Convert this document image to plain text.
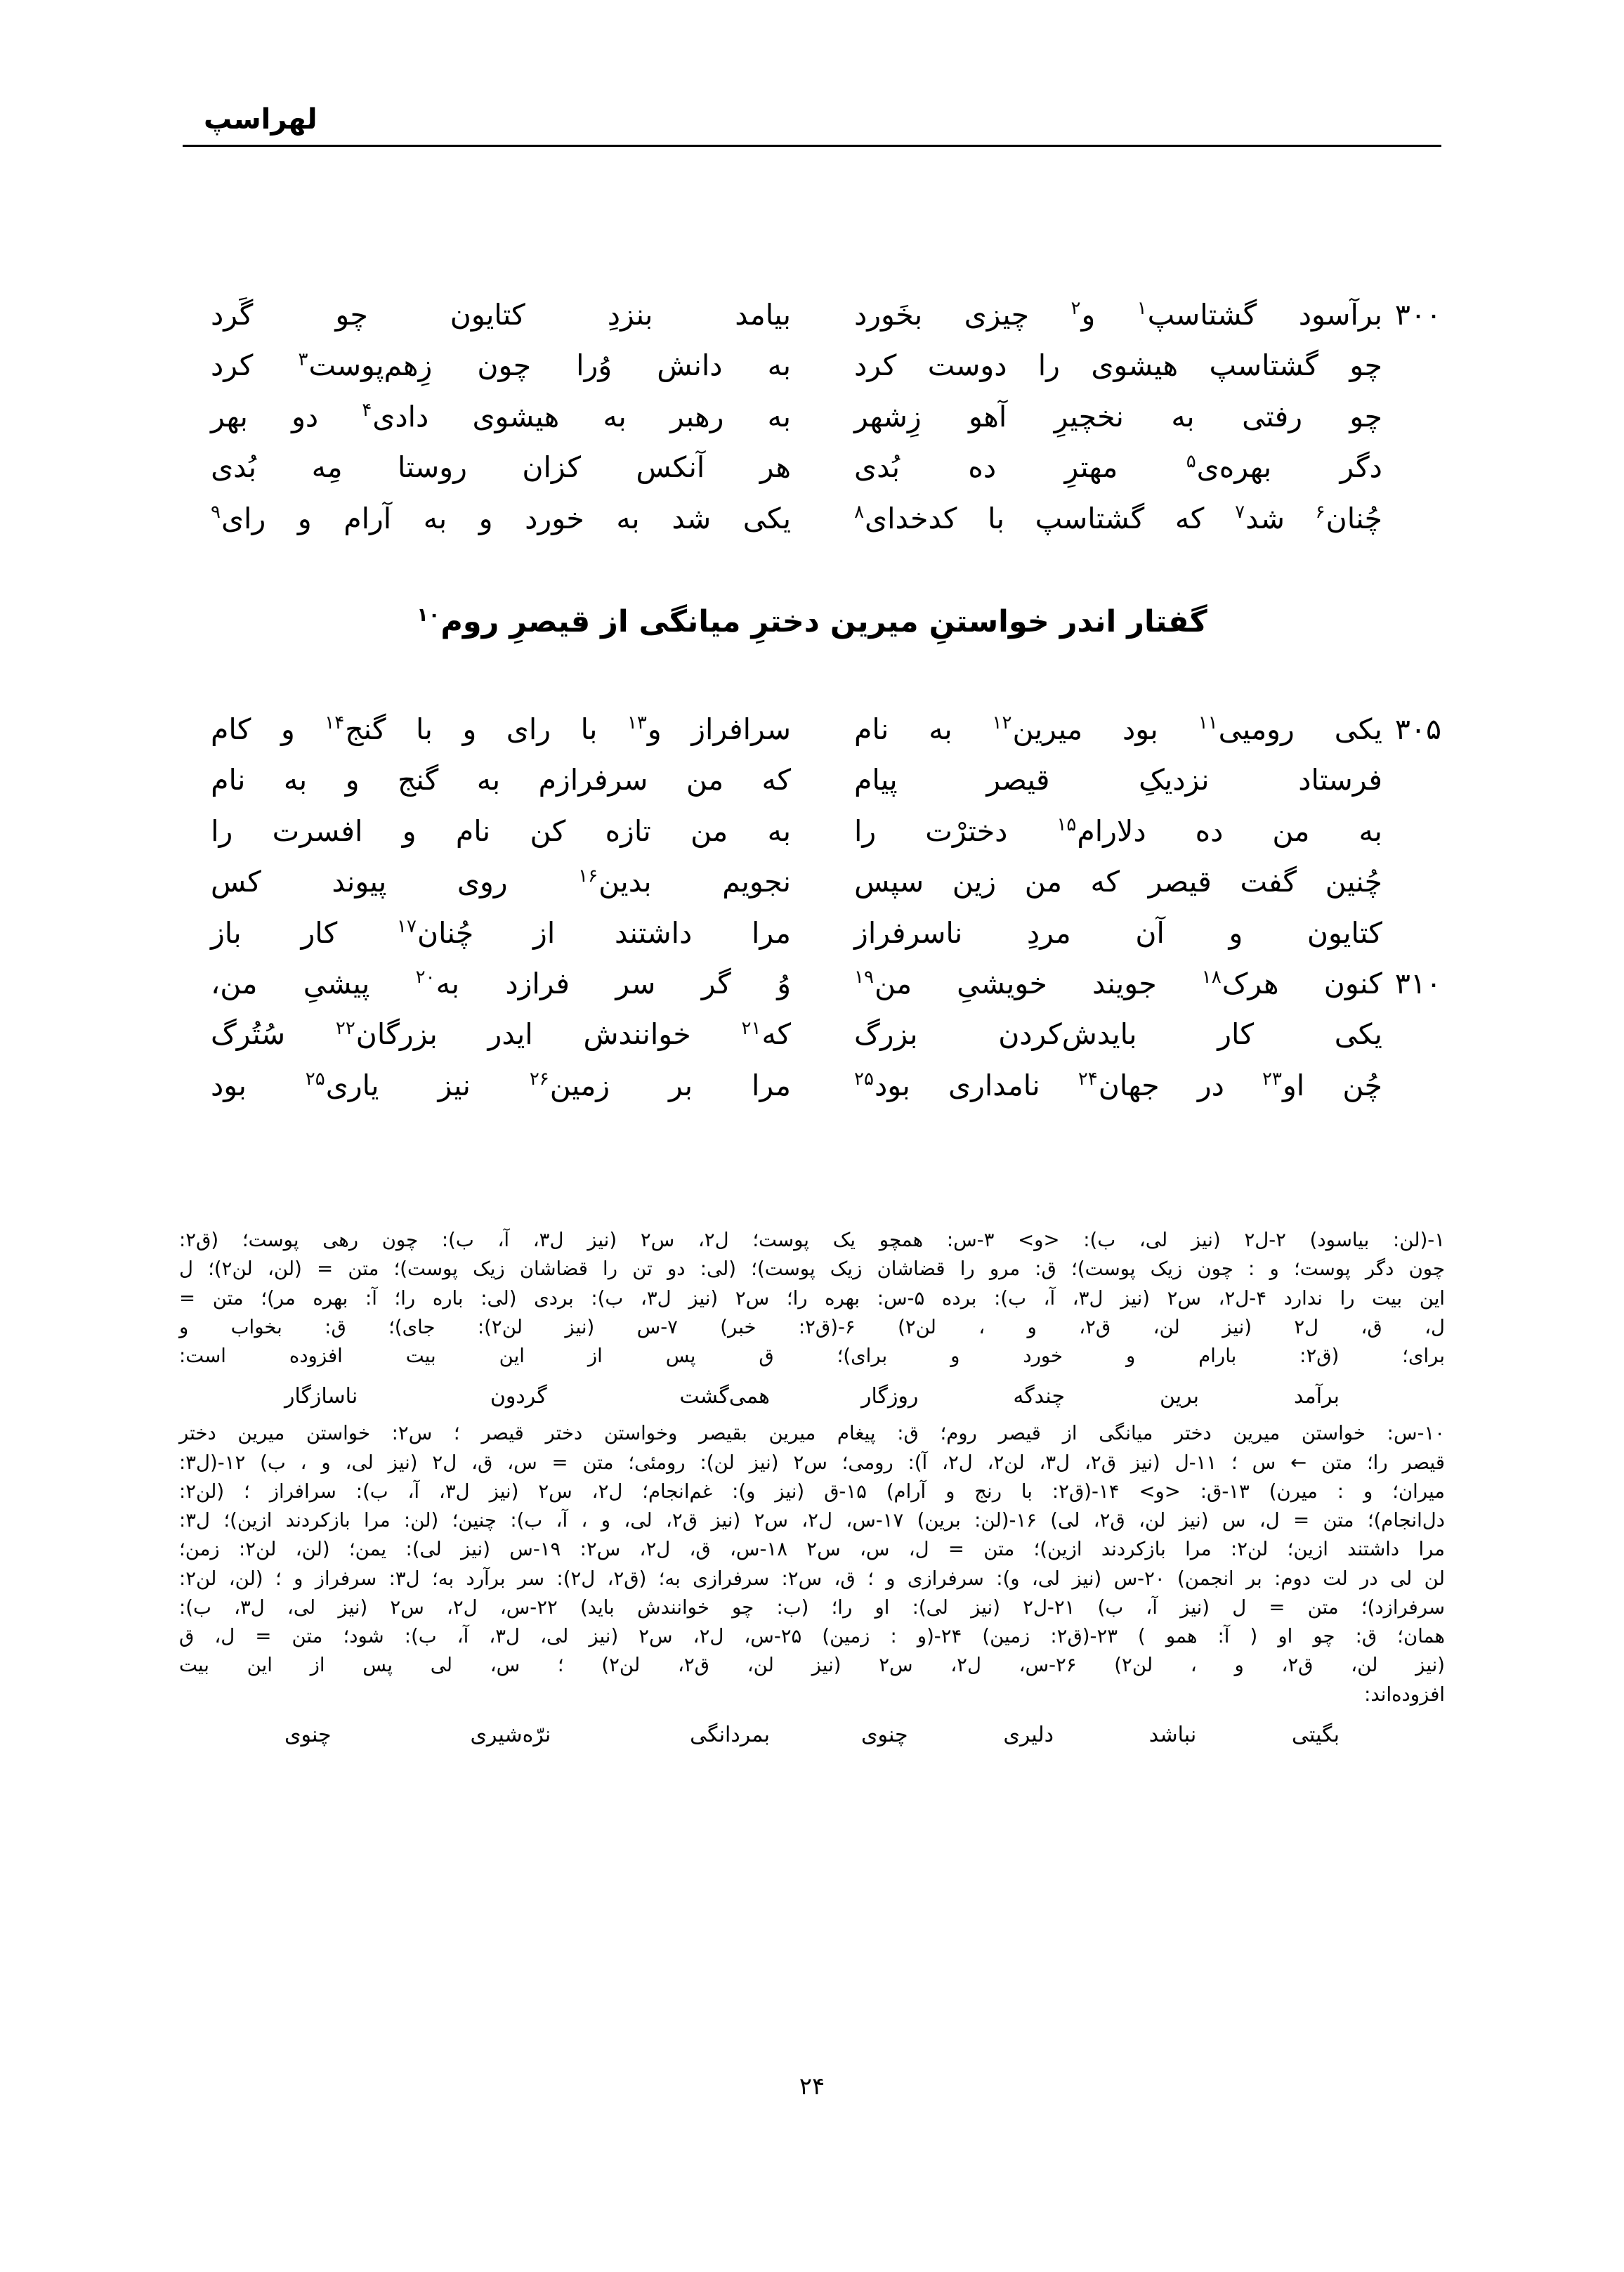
لهراسپ
۳۰۰
برآسود
گشتاسپ$^۱$
و$^۲$
چیزی
بخَورد
بیامد
بنزدِ
کتایون
چو
گَرد
چو
گشتاسپ
هیشوی
را
دوست
کرد
به
دانش
وُرا
چون
زِهم‌پوست$^۳$
کرد
چو
رفتی
به
نخچیرِ
آهو
زِشهر
به
رهبر
به
هیشوی
دادی$^۴$
دو
بهر
دگر
بهره‌ی$^۵$
مهترِ
ده
بُدی
هر
آنکس
کزان
روستا
مِه
بُدی
چُنان$^۶$
شد$^۷$
که
گشتاسپ
با
کدخدای$^۸$
یکی
شد
به
خورد
و
به
آرام
و
رای$^۹$
گفتار اندر خواستنِ میرین دخترِ میانگی از قیصرِ روم$^{۱۰}$
۳۰۵
یکی
رومیی$^{۱۱}$
بود
میرین$^{۱۲}$
به
نام
سرافراز
و$^{۱۳}$
با
رای
و
با
گنج$^{۱۴}$
و
کام
فرستاد
نزدیکِ
قیصر
پیام
که
من
سرفرازم
به
گنج
و
به
نام
به
من
ده
دلارام$^{۱۵}$
دخترْت
را
به
من
تازه
کن
نام
و
افسرت
را
چُنین
گفت
قیصر
که
من
زین
سپس
نجویم
بدین$^{۱۶}$
روی
پیوند
کس
کتایون
و
آن
مردِ
ناسرفراز
مرا
داشتند
از
چُنان$^{۱۷}$
کار
باز
۳۱۰
کنون
هرک$^{۱۸}$
جویند
خویشیِ
من$^{۱۹}$
وُ
گر
سر
فرازد
به$^{۲۰}$
پیشیِ
من،
یکی
کار
بایدش‌کردن
بزرگ
که$^{۲۱}$
خوانندش
ایدر
بزرگان$^{۲۲}$
سُتُرگ
چُن
او$^{۲۳}$
در
جهان$^{۲۴}$
نامداری
بود$^{۲۵}$
مرا
بر
زمین$^{۲۶}$
نیز
یاری$^{۲۵}$
بود
۱-(لن: بیاسود) ۲-ل۲ (نیز لی، ب): <و> ۳-س: همچو یک پوست؛ ل۲، س۲ (نیز ل۳، آ، ب): چون رهی پوست؛ (ق۲:
چون دگر پوست؛ و : چون زیک پوست)؛ ق: مرو را قضاشان زیک پوست)؛ (لی: دو تن را قضاشان زیک پوست)؛ متن = (لن، لن۲)؛ ل
این بیت را ندارد ۴-ل۲، س۲ (نیز ل۳، آ، ب): برده ۵-س: بهره را؛ س۲ (نیز ل۳، ب): بردی (لی: باره را؛ آ: بهره مر)؛ متن =
ل، ق، ل۲ (نیز لن، ق۲، و ، لن۲) ۶-(ق۲: خبر) ۷-س (نیز لن۲): جای)؛ ق: بخواب و
برای؛ (ق۲: بارام و خورد و برای)؛ ق پس از این بیت افزوده است:
برآمد
برین
چندگه
روزگار
همی‌گشت
گردون
ناسازگار
۱۰-س: خواستن میرین دختر میانگی از قیصر روم؛ ق: پیغام میرین بقیصر وخواستن دختر قیصر ؛ س۲: خواستن میرین دختر
قیصر را؛ متن ← س ؛ ۱۱-ل (نیز ق۲، ل۳، لن۲، ل۲، آ): رومی؛ س۲ (نیز لن): رومئی؛ متن = س، ق، ل۲ (نیز لی، و ، ب) ۱۲-(ل۳:
میران؛ و : میرن) ۱۳-ق: <و> ۱۴-(ق۲: با رنج و آرام) ۱۵-ق (نیز و): غم‌انجام؛ ل۲، س۲ (نیز ل۳، آ، ب): سرافراز ؛ (لن۲:
دل‌انجام)؛ متن = ل، س (نیز لن، ق۲، لی) ۱۶-(لن: برین) ۱۷-س، ل۲، س۲ (نیز ق۲، لی، و ، آ، ب): چنین؛ (لن: مرا بازکردند ازین)؛ ل۳:
مرا داشتند ازین؛ لن۲: مرا بازکردند ازین)؛ متن = ل، س، س۲ ۱۸-س، ق، ل۲، س۲: ۱۹-س (نیز لی): یمن؛ (لن، لن۲: زمن؛
لن لی در لت دوم: بر انجمن) ۲۰-س (نیز لی، و): سرفرازی و ؛ ق، س۲: سرفرازی به؛ (ق۲، ل۲): سر برآرد به؛ ل۳: سرفراز و ؛ (لن، لن۲:
سرفرازد)؛ متن = ل (نیز آ، ب) ۲۱-ل۲ (نیز لی): او را؛ (ب: چو خوانندش باید) ۲۲-س، ل۲، س۲ (نیز لی، ل۳، ب):
همان؛ ق: چو او ( آ: همو ) ۲۳-(ق۲: زمین) ۲۴-(و : زمین) ۲۵-س، ل۲، س۲ (نیز لی، ل۳، آ، ب): شود؛ متن = ل، ق
(نیز لن، ق۲، و ، لن۲) ۲۶-س، ل۲، س۲ (نیز لن، ق۲، لن۲) ؛ س، لی پس از این بیت
افزوده‌اند:
بگیتی
نباشد
دلیری
چنوی
بمردانگی
نرّه‌شیری
چنوی
۲۴
